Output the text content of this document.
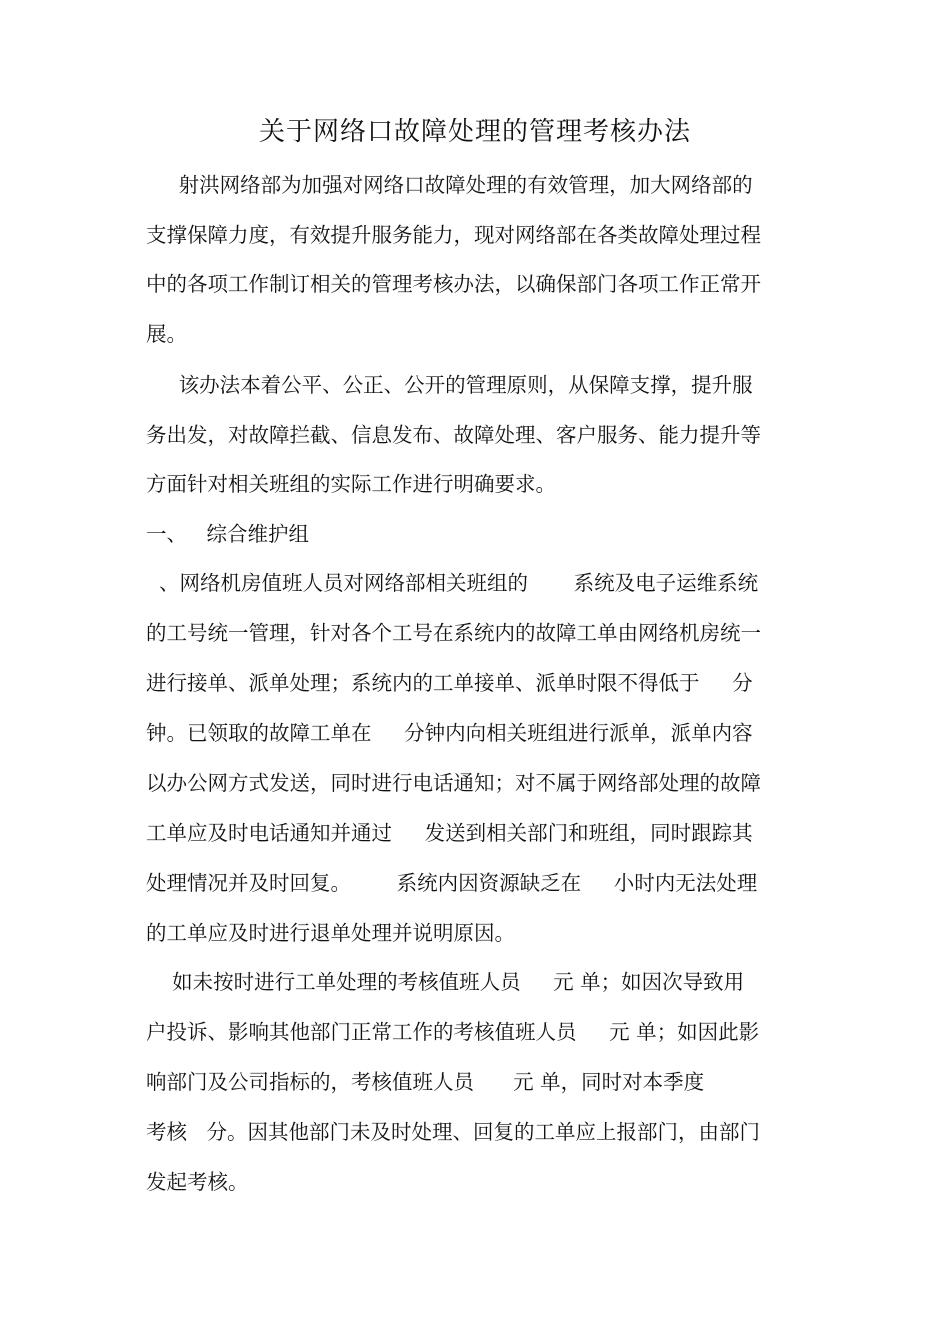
关于网络口故障处理的管理考核办法
射洪网络部为加强对网络口故障处理的有效管理，加大网络部的
支撑保障力度，有效提升服务能力，现对网络部在各类故障处理过程
中的各项工作制订相关的管理考核办法，以确保部门各项工作正常开
展。
该办法本着公平、公正、公开的管理原则，从保障支撑，提升服
务出发，对故障拦截、信息发布、故障处理、客户服务、能力提升等
方面针对相关班组的实际工作进行明确要求。
一、   综合维护组
、网络机房值班人员对网络部相关班组的       系统及电子运维系统
的工号统一管理，针对各个工号在系统内的故障工单由网络机房统一
进行接单、派单处理；系统内的工单接单、派单时限不得低于     分
钟。已领取的故障工单在     分钟内向相关班组进行派单，派单内容
以办公网方式发送，同时进行电话通知；对不属于网络部处理的故障
工单应及时电话通知并通过     发送到相关部门和班组，同时跟踪其
处理情况并及时回复。       系统内因资源缺乏在     小时内无法处理
的工单应及时进行退单处理并说明原因。
如未按时进行工单处理的考核值班人员     元 单；如因次导致用
户投诉、影响其他部门正常工作的考核值班人员     元 单；如因此影
响部门及公司指标的，考核值班人员      元 单，同时对本季度
考核   分。因其他部门未及时处理、回复的工单应上报部门，由部门
发起考核。
